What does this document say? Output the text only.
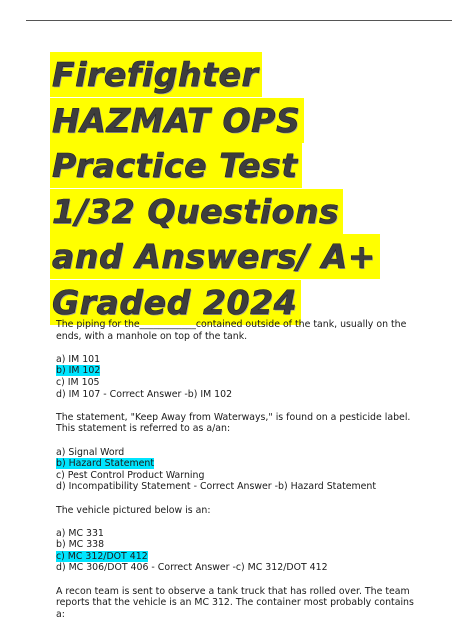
Firefighter
HAZMAT OPS
Practice Test
1/32 Questions
and Answers/ A+
Graded 2024

The piping for the____________contained outside of the tank, usually on the ends, with a manhole on top of the tank.

a) IM 101

b) IM 102

c) IM 105

d) IM 107 - Correct Answer -b) IM 102

The statement, "Keep Away from Waterways," is found on a pesticide label. This statement is referred to as a/an:

a) Signal Word

b) Hazard Statement

c) Pest Control Product Warning

d) Incompatibility Statement - Correct Answer -b) Hazard Statement

The vehicle pictured below is an:

a) MC 331

b) MC 338

c) MC 312/DOT 412

d) MC 306/DOT 406 - Correct Answer -c) MC 312/DOT 412

A recon team is sent to observe a tank truck that has rolled over. The team reports that the vehicle is an MC 312. The container most probably contains a:
